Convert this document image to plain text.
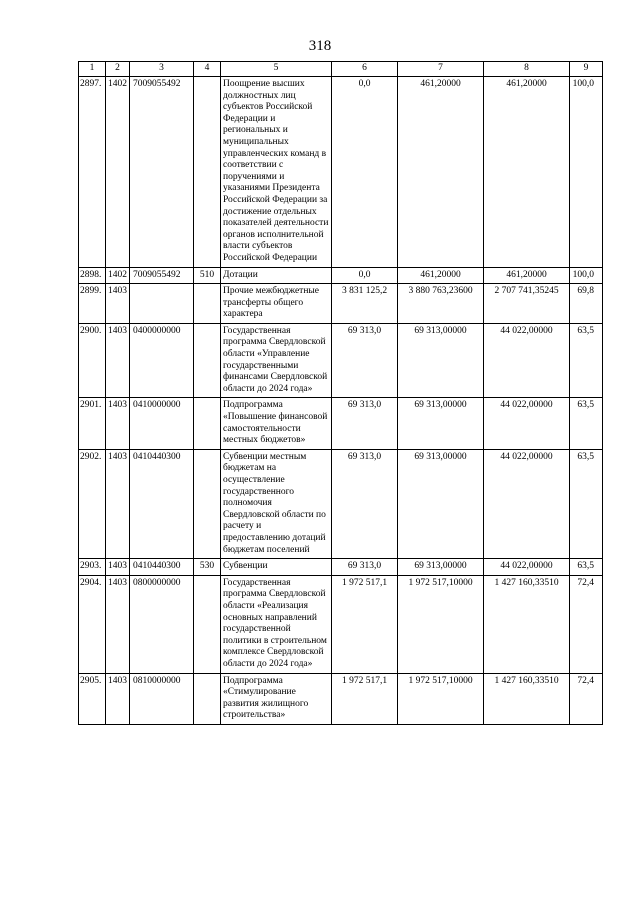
318
1	2	3	4	5	6	7	8	9
2897.	1402	7009055492		Поощрение высших должностных лиц субъектов Российской Федерации и региональных и муниципальных управленческих команд в соответствии с поручениями и указаниями Президента Российской Федерации за достижение отдельных показателей деятельности органов исполнительной власти субъектов Российской Федерации	0,0	461,20000	461,20000	100,0
2898.	1402	7009055492	510	Дотации	0,0	461,20000	461,20000	100,0
2899.	1403			Прочие межбюджетные трансферты общего характера	3 831 125,2	3 880 763,23600	2 707 741,35245	69,8
2900.	1403	0400000000		Государственная программа Свердловской области «Управление государственными финансами Свердловской области до 2024 года»	69 313,0	69 313,00000	44 022,00000	63,5
2901.	1403	0410000000		Подпрограмма «Повышение финансовой самостоятельности местных бюджетов»	69 313,0	69 313,00000	44 022,00000	63,5
2902.	1403	0410440300		Субвенции местным бюджетам на осуществление государственного полномочия Свердловской области по расчету и предоставлению дотаций бюджетам поселений	69 313,0	69 313,00000	44 022,00000	63,5
2903.	1403	0410440300	530	Субвенции	69 313,0	69 313,00000	44 022,00000	63,5
2904.	1403	0800000000		Государственная программа Свердловской области «Реализация основных направлений государственной политики в строительном комплексе Свердловской области до 2024 года»	1 972 517,1	1 972 517,10000	1 427 160,33510	72,4
2905.	1403	0810000000		Подпрограмма «Стимулирование развития жилищного строительства»	1 972 517,1	1 972 517,10000	1 427 160,33510	72,4
